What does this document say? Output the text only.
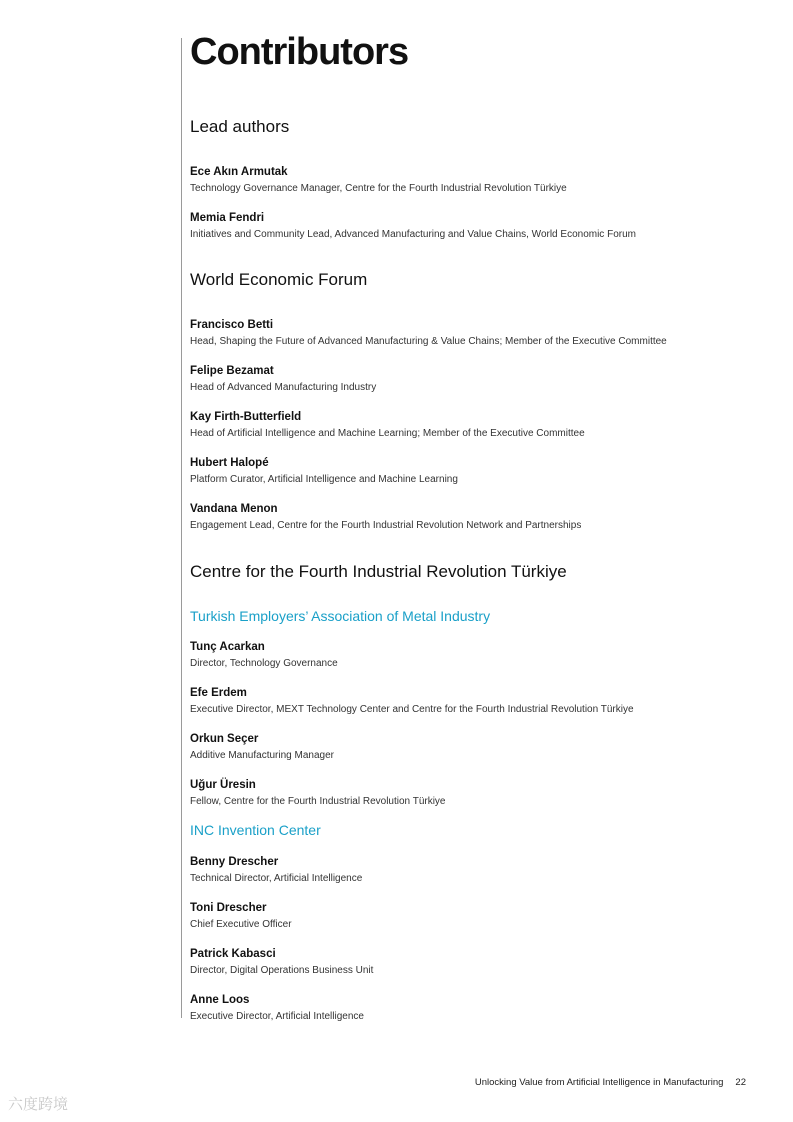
Contributors
Lead authors
Ece Akın Armutak
Technology Governance Manager, Centre for the Fourth Industrial Revolution Türkiye
Memia Fendri
Initiatives and Community Lead, Advanced Manufacturing and Value Chains, World Economic Forum
World Economic Forum
Francisco Betti
Head, Shaping the Future of Advanced Manufacturing & Value Chains; Member of the Executive Committee
Felipe Bezamat
Head of Advanced Manufacturing Industry
Kay Firth-Butterfield
Head of Artificial Intelligence and Machine Learning; Member of the Executive Committee
Hubert Halopé
Platform Curator, Artificial Intelligence and Machine Learning
Vandana Menon
Engagement Lead, Centre for the Fourth Industrial Revolution Network and Partnerships
Centre for the Fourth Industrial Revolution Türkiye
Turkish Employers’ Association of Metal Industry
Tunç Acarkan
Director, Technology Governance
Efe Erdem
Executive Director, MEXT Technology Center and Centre for the Fourth Industrial Revolution Türkiye
Orkun Seçer
Additive Manufacturing Manager
Uğur Üresin
Fellow, Centre for the Fourth Industrial Revolution Türkiye
INC Invention Center
Benny Drescher
Technical Director, Artificial Intelligence
Toni Drescher
Chief Executive Officer
Patrick Kabasci
Director, Digital Operations Business Unit
Anne Loos
Executive Director, Artificial Intelligence
Unlocking Value from Artificial Intelligence in Manufacturing 22
六度跨境
